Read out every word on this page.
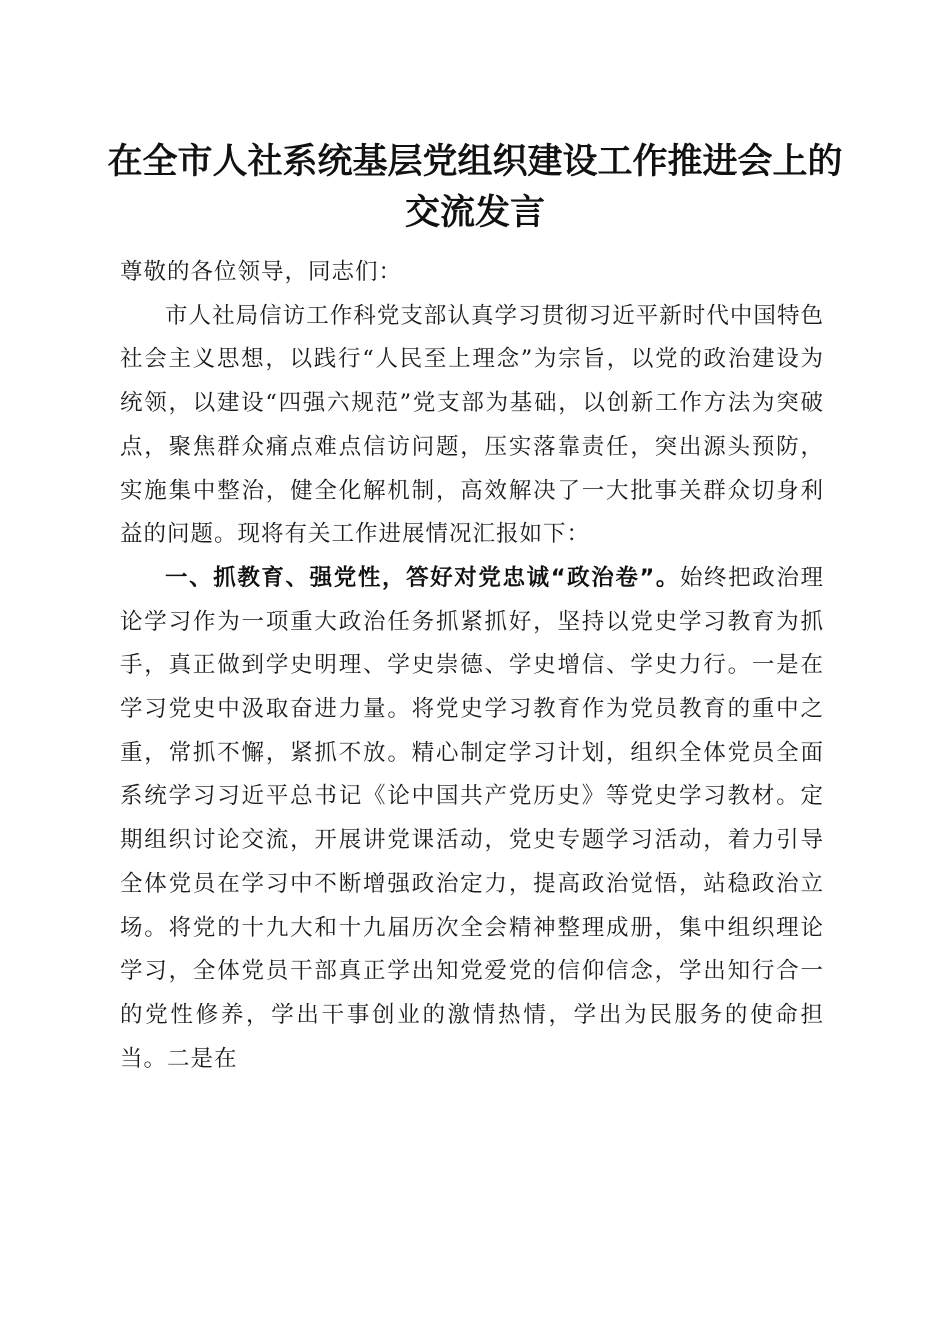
在全市人社系统基层党组织建设工作推进会上的交流发言

尊敬的各位领导，同志们：

市人社局信访工作科党支部认真学习贯彻习近平新时代中国特色社会主义思想，以践行“人民至上理念”为宗旨，以党的政治建设为统领，以建设“四强六规范”党支部为基础，以创新工作方法为突破点，聚焦群众痛点难点信访问题，压实落靠责任，突出源头预防，实施集中整治，健全化解机制，高效解决了一大批事关群众切身利益的问题。现将有关工作进展情况汇报如下：

一、抓教育、强党性，答好对党忠诚“政治卷”。始终把政治理论学习作为一项重大政治任务抓紧抓好，坚持以党史学习教育为抓手，真正做到学史明理、学史崇德、学史增信、学史力行。一是在学习党史中汲取奋进力量。将党史学习教育作为党员教育的重中之重，常抓不懈，紧抓不放。精心制定学习计划，组织全体党员全面系统学习习近平总书记《论中国共产党历史》等党史学习教材。定期组织讨论交流，开展讲党课活动，党史专题学习活动，着力引导全体党员在学习中不断增强政治定力，提高政治觉悟，站稳政治立场。将党的十九大和十九届历次全会精神整理成册，集中组织理论学习，全体党员干部真正学出知党爱党的信仰信念，学出知行合一的党性修养，学出干事创业的激情热情，学出为民服务的使命担当。二是在
